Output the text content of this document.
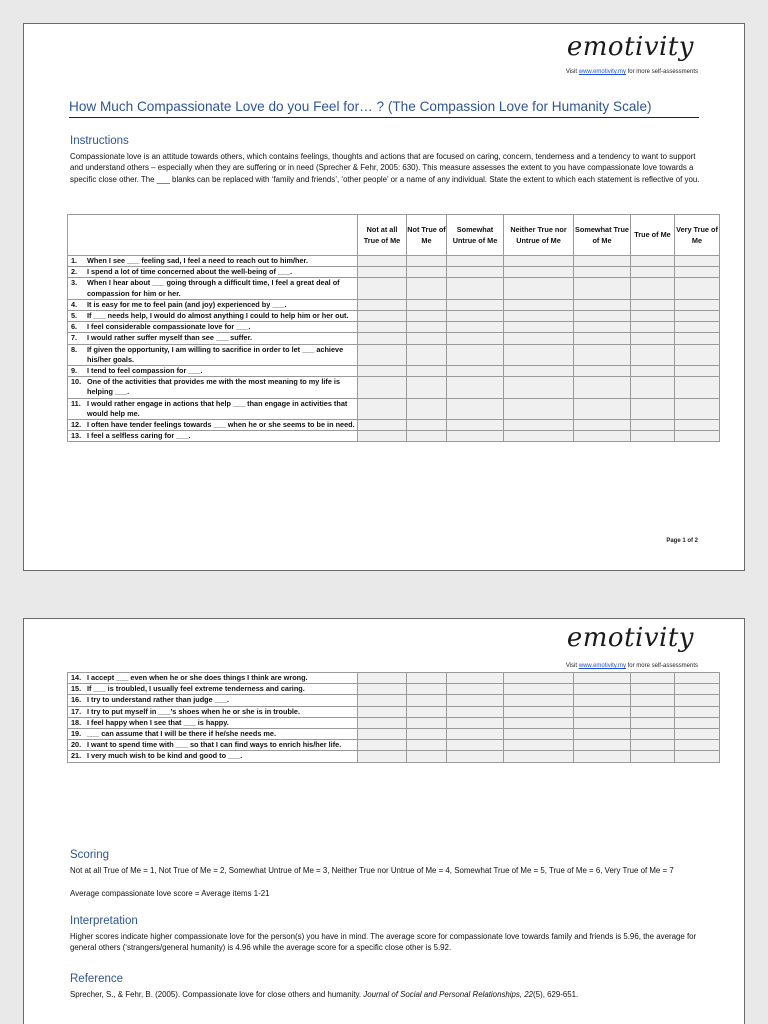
emotivity
Visit www.emotivity.my for more self-assessments
How Much Compassionate Love do you Feel for… ? (The Compassion Love for Humanity Scale)
Instructions
Compassionate love is an attitude towards others, which contains feelings, thoughts and actions that are focused on caring, concern, tenderness and a tendency to want to support and understand others – especially when they are suffering or in need (Sprecher & Fehr, 2005: 630). This measure assesses the extent to you have compassionate love towards a specific close other. The ___ blanks can be replaced with ‘family and friends’, ‘other people’ or a name of any individual. State the extent to which each statement is reflective of you.
	Not at all True of Me	Not True of Me	Somewhat Untrue of Me	Neither True nor Untrue of Me	Somewhat True of Me	True of Me	Very True of Me

1. When I see ___ feeling sad, I feel a need to reach out to him/her.							

2. I spend a lot of time concerned about the well-being of ___.							

3. When I hear about ___ going through a difficult time, I feel a great deal of compassion for him or her.							

4. It is easy for me to feel pain (and joy) experienced by ___.							

5. If ___ needs help, I would do almost anything I could to help him or her out.							

6. I feel considerable compassionate love for ___.							

7. I would rather suffer myself than see ___ suffer.							

8. If given the opportunity, I am willing to sacrifice in order to let ___ achieve his/her goals.							

9. I tend to feel compassion for ___.							

10. One of the activities that provides me with the most meaning to my life is helping ___.							

11. I would rather engage in actions that help ___ than engage in activities that would help me.							

12. I often have tender feelings towards ___ when he or she seems to be in need.							

13. I feel a selfless caring for ___.							

Page 1 of 2
emotivity
Visit www.emotivity.my for more self-assessments
14. I accept ___ even when he or she does things I think are wrong.							

15. If ___ is troubled, I usually feel extreme tenderness and caring.							

16. I try to understand rather than judge ___.							

17. I try to put myself in ___’s shoes when he or she is in trouble.							

18. I feel happy when I see that ___ is happy.							

19. ___ can assume that I will be there if he/she needs me.							

20. I want to spend time with ___ so that I can find ways to enrich his/her life.							

21. I very much wish to be kind and good to ___.							

Scoring
Not at all True of Me = 1, Not True of Me = 2, Somewhat Untrue of Me = 3, Neither True nor Untrue of Me = 4, Somewhat True of Me = 5, True of Me = 6, Very True of Me = 7
Average compassionate love score = Average items 1-21
Interpretation
Higher scores indicate higher compassionate love for the person(s) you have in mind. The average score for compassionate love towards family and friends is 5.96, the average for general others (‘strangers/general humanity) is 4.96 while the average score for a specific close other is 5.92.
Reference
Sprecher, S., & Fehr, B. (2005). Compassionate love for close others and humanity. Journal of Social and Personal Relationships, 22(5), 629-651.
